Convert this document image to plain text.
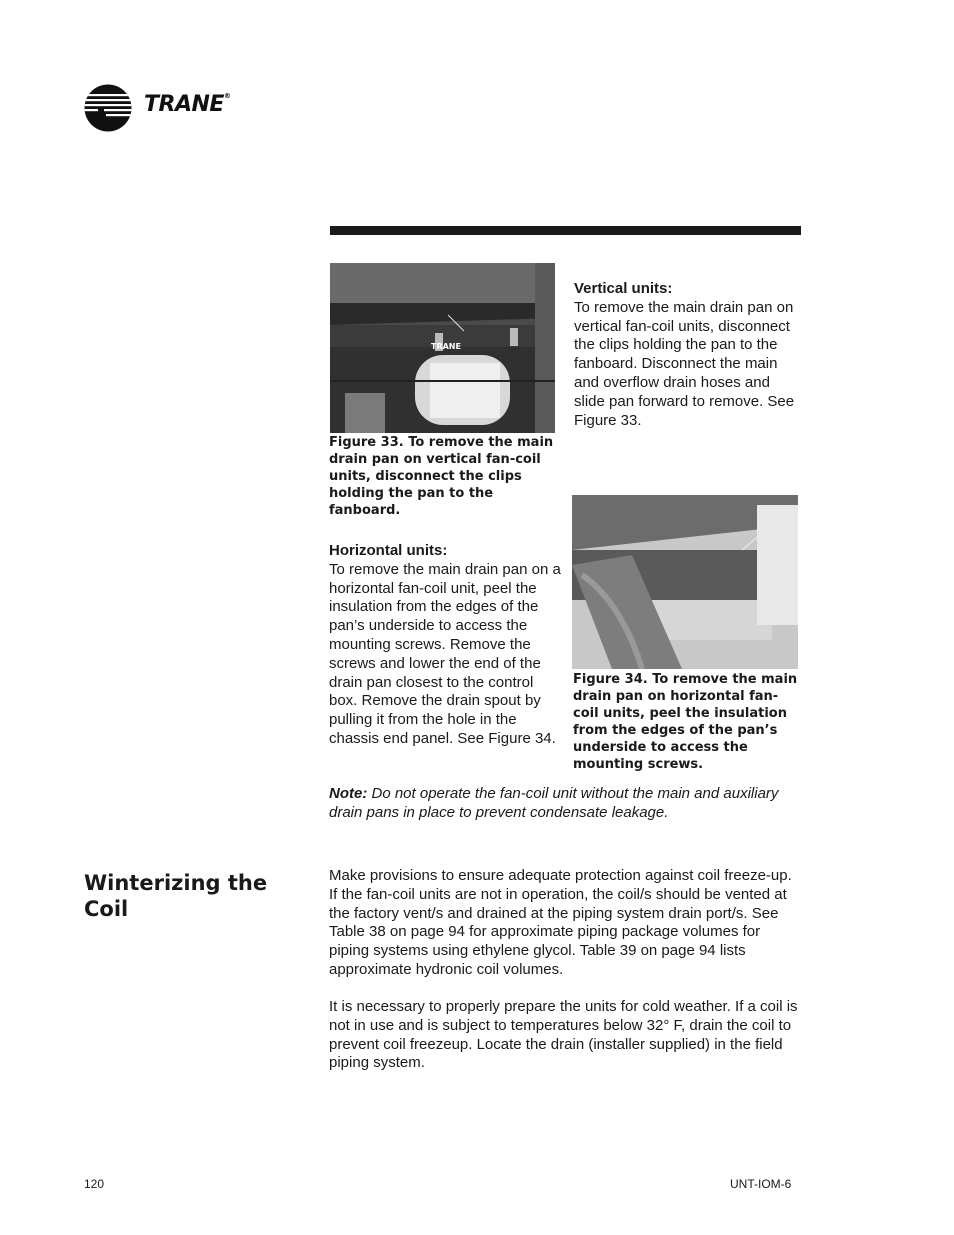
TRANE®
TRANE
Figure 33. To remove the main drain pan on vertical fan-coil units, disconnect the clips holding the pan to the fanboard.
Vertical units:
To remove the main drain pan on vertical fan-coil units, disconnect the clips holding the pan to the fanboard. Disconnect the main and overflow drain hoses and slide pan forward to remove. See Figure 33.
Figure 34. To remove the main drain pan on horizontal fan-coil units, peel the insulation from the edges of the pan’s underside to access the mounting screws.
Horizontal units:
To remove the main drain pan on a horizontal fan-coil unit, peel the insulation from the edges of the pan’s underside to access the mounting screws. Remove the screws and lower the end of the drain pan closest to the control box. Remove the drain spout by pulling it from the hole in the chassis end panel. See Figure 34.
Note: Do not operate the fan-coil unit without the main and auxiliary drain pans in place to prevent condensate leakage.
Winterizing the Coil
Make provisions to ensure adequate protection against coil freeze-up. If the fan-coil units are not in operation, the coil/s should be vented at the factory vent/s and drained at the piping system drain port/s. See Table 38 on page 94 for approximate piping package volumes for piping systems using ethylene glycol. Table 39 on page 94 lists approximate hydronic coil volumes.
It is necessary to properly prepare the units for cold weather. If a coil is not in use and is subject to temperatures below 32° F, drain the coil to prevent coil freezeup. Locate the drain (installer supplied) in the field piping system.
120	UNT-IOM-6
